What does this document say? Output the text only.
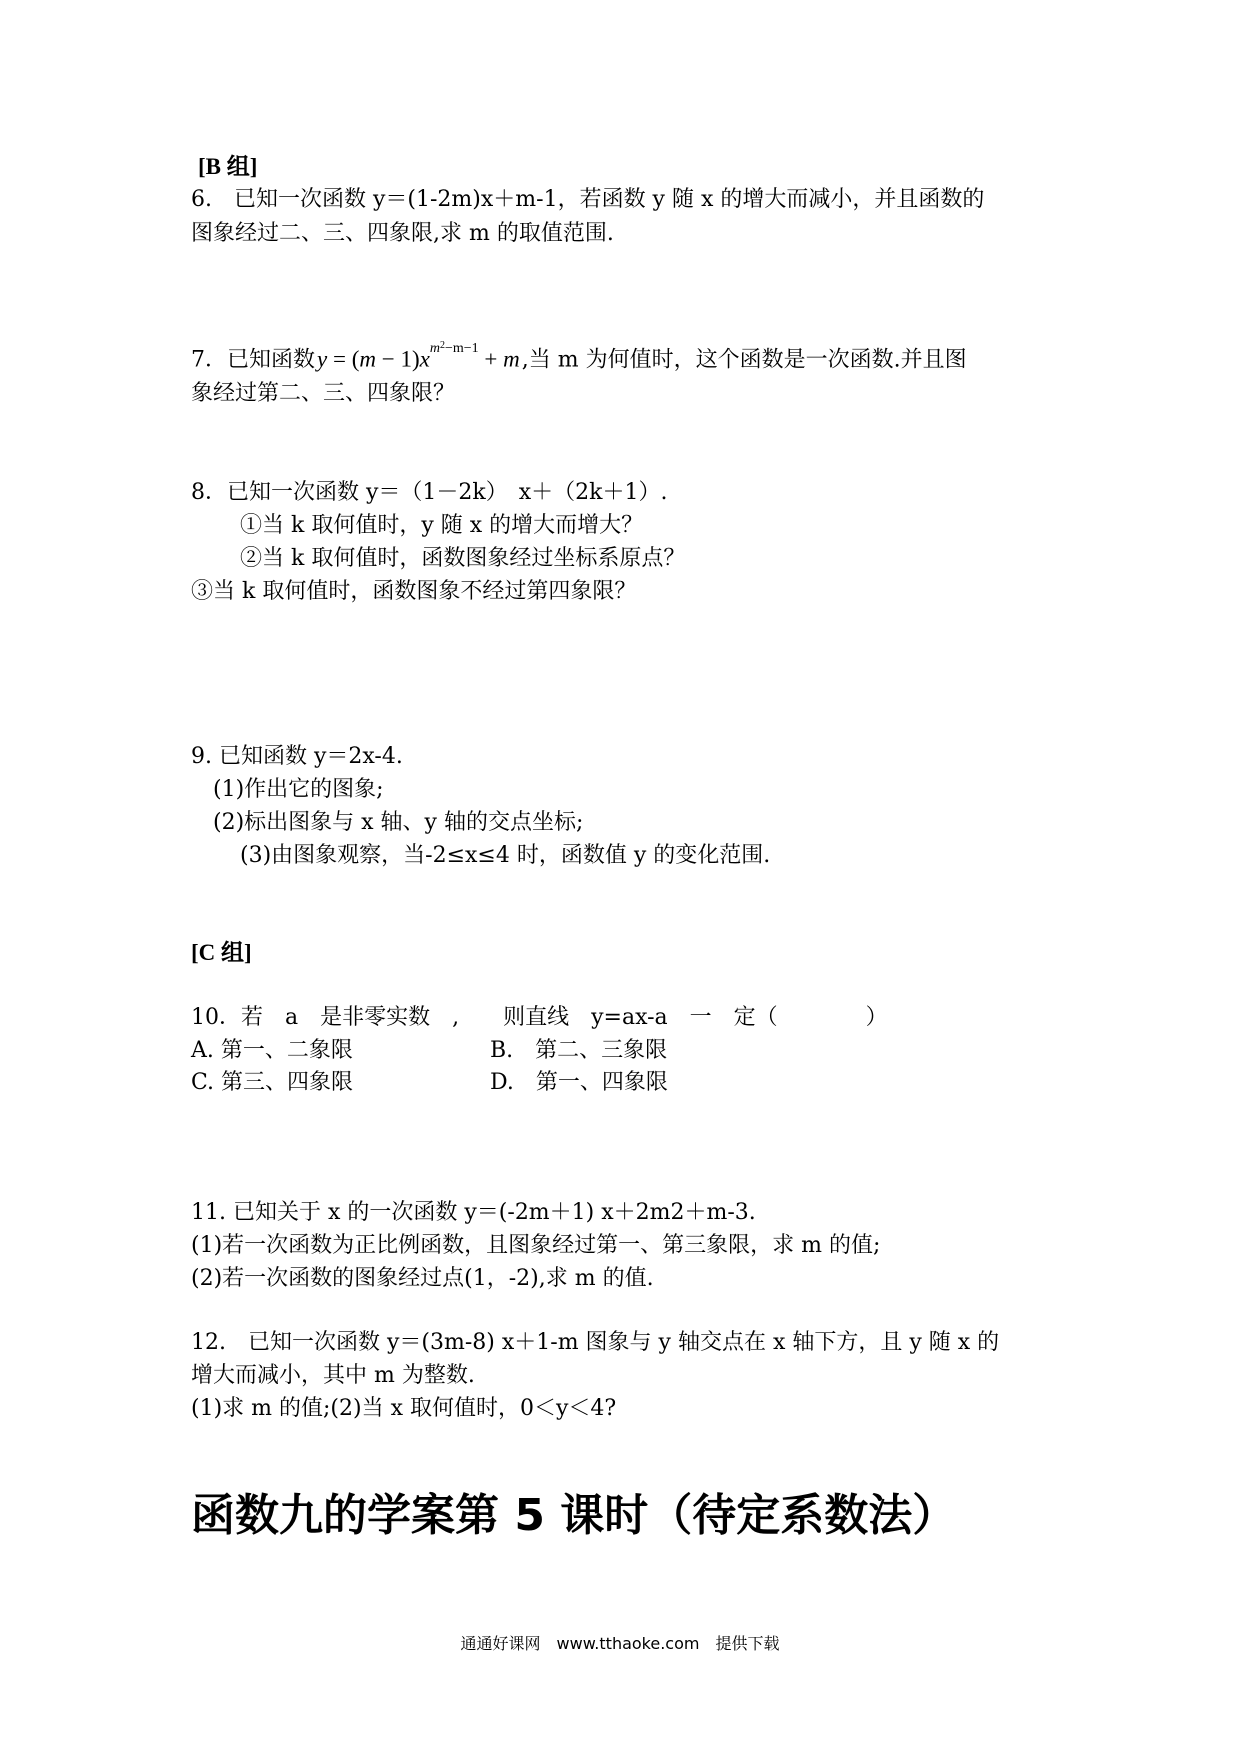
[B 组]
6.　已知一次函数 y＝(1-2m)x＋m-1，若函数 y 随 x 的增大而减小，并且函数的
图象经过二、三、四象限,求 m 的取值范围.
7．已知函数$y = (m - 1)x^{m^2-m-1} + m$,当 m 为何值时，这个函数是一次函数.并且图
象经过第二、三、四象限？
8．已知一次函数 y＝（1－2k）　x＋（2k＋1）.
①当 k 取何值时，y 随 x 的增大而增大？
②当 k 取何值时，函数图象经过坐标系原点？
③当 k 取何值时，函数图象不经过第四象限？
9. 已知函数 y＝2x-4.
(1)作出它的图象;
(2)标出图象与 x 轴、y 轴的交点坐标;
(3)由图象观察，当-2≤x≤4 时，函数值 y 的变化范围.
[C 组]
10．若　a　是非零实数　,　　则直线　y=ax-a　一　定（　　　　）
A. 第一、二象限	B.　第二、三象限
C. 第三、四象限	D.　第一、四象限
11. 已知关于 x 的一次函数 y＝(-2m＋1) x＋2m2＋m-3.
(1)若一次函数为正比例函数，且图象经过第一、第三象限，求 m 的值;
(2)若一次函数的图象经过点(1，-2),求 m 的值.
12.　已知一次函数 y＝(3m-8) x＋1-m 图象与 y 轴交点在 x 轴下方，且 y 随 x 的
增大而减小，其中 m 为整数.
(1)求 m 的值;(2)当 x 取何值时，0＜y＜4?
函数九的学案第 5 课时（待定系数法）
通通好课网　www.tthaoke.com　提供下载
